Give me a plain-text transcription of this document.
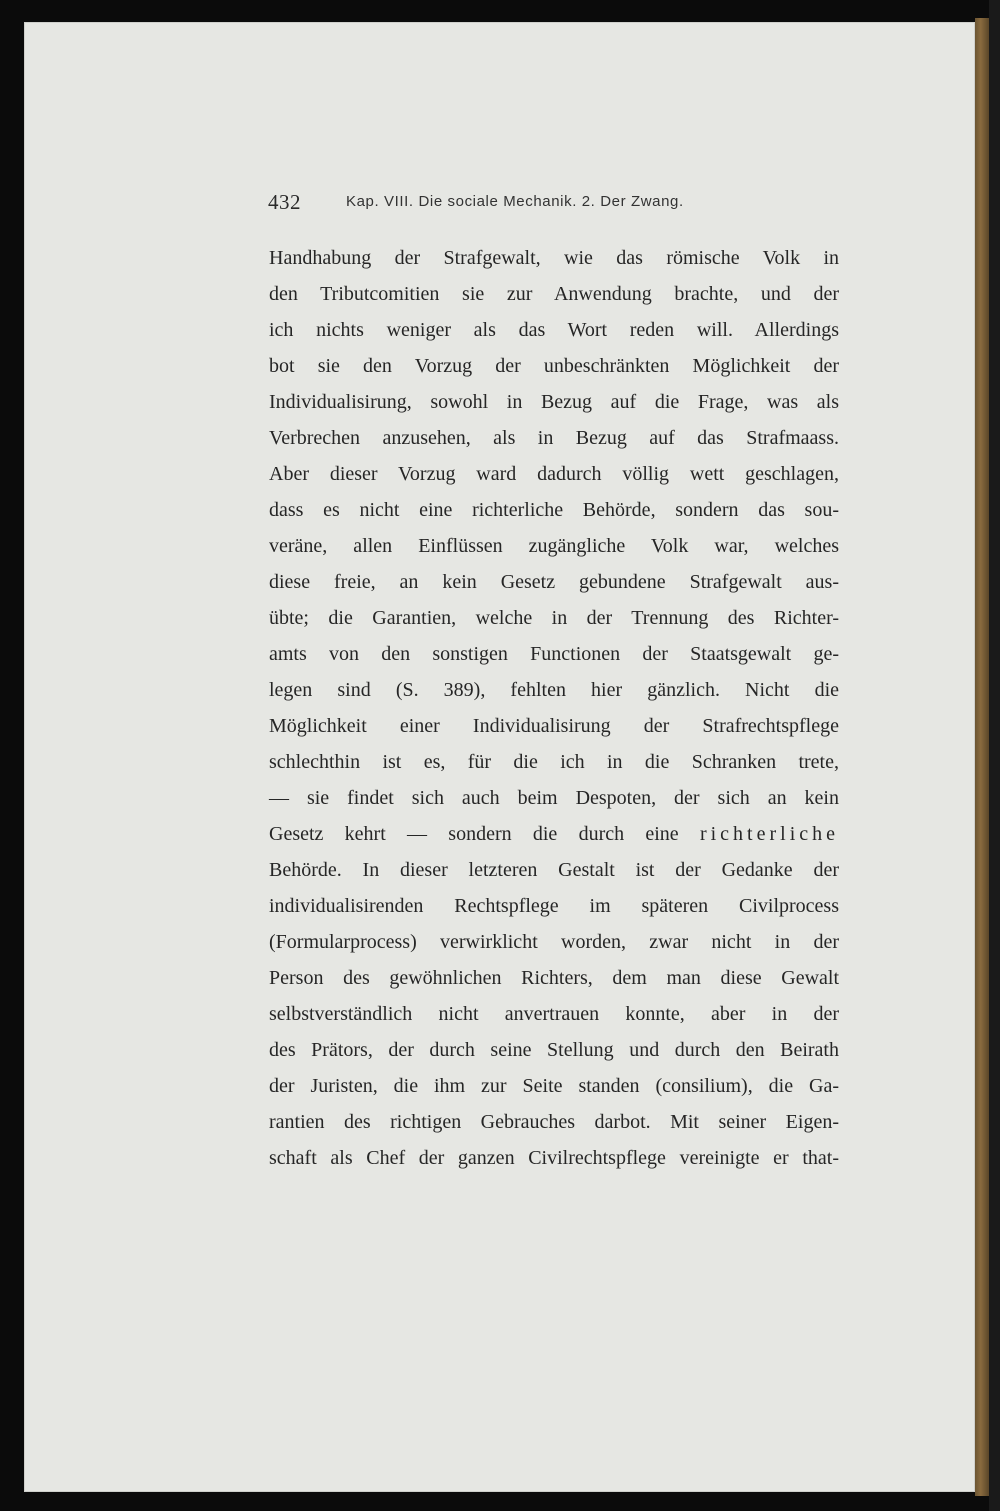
432	Kap. VIII. Die sociale Mechanik. 2. Der Zwang.
Handhabung der Strafgewalt, wie das römische Volk in
den Tributcomitien sie zur Anwendung brachte, und der
ich nichts weniger als das Wort reden will. Allerdings
bot sie den Vorzug der unbeschränkten Möglichkeit der
Individualisirung, sowohl in Bezug auf die Frage, was als
Verbrechen anzusehen, als in Bezug auf das Strafmaass.
Aber dieser Vorzug ward dadurch völlig wett geschlagen,
dass es nicht eine richterliche Behörde, sondern das sou-
veräne, allen Einflüssen zugängliche Volk war, welches
diese freie, an kein Gesetz gebundene Strafgewalt aus-
übte; die Garantien, welche in der Trennung des Richter-
amts von den sonstigen Functionen der Staatsgewalt ge-
legen sind (S. 389), fehlten hier gänzlich. Nicht die
Möglichkeit einer Individualisirung der Strafrechtspflege
schlechthin ist es, für die ich in die Schranken trete,
— sie findet sich auch beim Despoten, der sich an kein
Gesetz kehrt — sondern die durch eine richterliche
Behörde. In dieser letzteren Gestalt ist der Gedanke der
individualisirenden Rechtspflege im späteren Civilprocess
(Formularprocess) verwirklicht worden, zwar nicht in der
Person des gewöhnlichen Richters, dem man diese Gewalt
selbstverständlich nicht anvertrauen konnte, aber in der
des Prätors, der durch seine Stellung und durch den Beirath
der Juristen, die ihm zur Seite standen (consilium), die Ga-
rantien des richtigen Gebrauches darbot. Mit seiner Eigen-
schaft als Chef der ganzen Civilrechtspflege vereinigte er that-
